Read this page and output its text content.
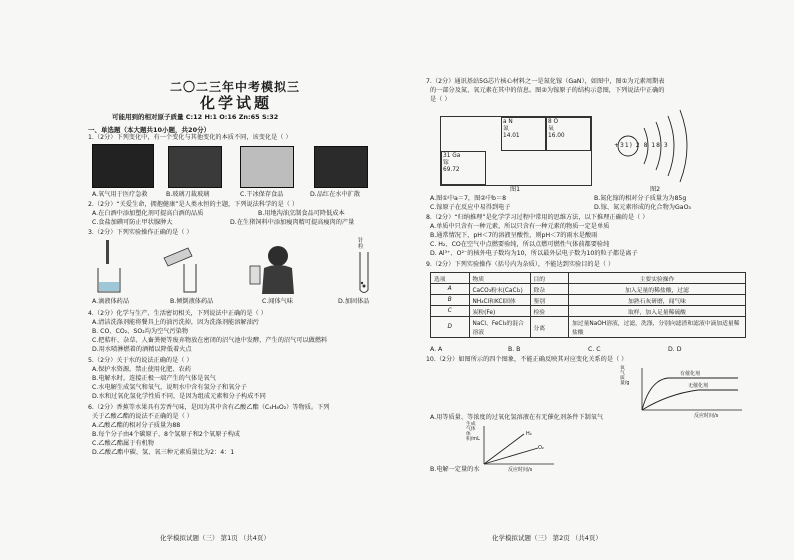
二〇二三年中考模拟三
化学试题
可能用到的相对原子质量 C:12 H:1 O:16 Zn:65 S:32
一、单选题（本大题共10小题，共20分）
1.（2分）下列变化中，有一个变化与其他变化的本质不同，该变化是（ ）
A.氧气用于医疗急救	B.玻璃刀裁玻璃	C.干冰保存食品	D.品红在水中扩散
2.（2分）“关爱生命，拥抱健康”是人类永恒的主题，下列说法科学的是（ ）
A.在白酒中添加塑化剂可提高白酒的品质	B.用地沟油烹制食品可降低成本
C.食盐加碘可防止甲状腺肿大	D.在生猪饲料中添加瘦肉精可提高瘦肉的产量
3.（2分）下列实验操作正确的是（ ）
针粒
A.滴液体药品	B.倾倒液体药品	C.闻体气味	D.加固体品
4.（2分）化学与生产、生活密切相关，下列说法中正确的是（ ）
A.清洁洗涤剂能将餐具上的油污洗掉，因为洗涤剂能溶解油污
B. CO、CO₂、SO₂均为空气污染物
C.把秸秆、杂草、人畜粪便等废弃物放在密闭的沼气池中发酵，产生的沼气可以做燃料
D.用水喷淋燃着的酒精以降低着火点
5.（2分）关于水的说法正确的是（ ）
A.保护水资源，禁止使用化肥、农药
B.电解水时，连接正极一端产生的气体是氧气
C.水电解生成氢气和氧气，说明水中含有氢分子和氧分子
D.水和过氧化氢化学性质不同，是因为组成元素和分子构成不同
6.（2分）香蕉等水果具有芳香气味，是因为其中含有乙酸乙酯（C₄H₈O₂）等物质。下列
关于乙酸乙酯的说法不正确的是（ ）
A.乙酸乙酯的相对分子质量为88
B.每个分子由4个碳原子、8个氢原子和2个氧原子构成
C.乙酸乙酯属于有机物
D.乙酸乙酯中碳、氢、氧三种元素质量比为2：4：1
化学模拟试题（三） 第1页 （共4页）
7.（2分）通讯基站5G芯片核心材料之一是氮化镓（GaN），如图中，图①为元素周期表
的一部分及氮、氧元素在其中的信息。图②为镓原子的结构示意图，下列说法中正确的
是（ ）
a N
氮
14.01
8 O
氧
16.00
31 Ga
镓
69.72
+31) 2 8 18 3
图1	图2
A.图①中a＝7，图②中b＝8	B.氮化镓的相对分子质量为为85g
C.镓原子在反应中易得到电子	D.镓、氮元素形成的化合物为GaO₃
8.（2分）“归纳推理”是化学学习过程中常用的思维方法，以下推理正确的是（ ）
A.单质中只含有一种元素，所以只含有一种元素的物质一定是单质
B.通常情况下，pH＜7的溶液呈酸性，则pH＜7的雨水是酸雨
C. H₂、CO在空气中点燃要验纯，所以点燃可燃性气体前都要验纯
D. Al³⁺、O²⁻的核外电子数均为10，所以最外层电子数为10的粒子都是离子
9.（2分）下列实验操作（括号内为杂质），不能达到实验目的是（ ）
选项	物质	目的	主要实验操作
A	CaCO₃粉末(CaCl₂)	除杂	加入足量的稀盐酸，过滤
B	NH₄Cl和KCl固体	鉴别	加熟石灰研磨，闻气味
C	炭粉(Fe)	检验	取样，加入足量稀硫酸
D	NaCl、FeCl₃的混合溶液	分离	加过量NaOH溶液，过滤，洗涤，分别向滤渣和滤液中滴加适量稀盐酸
A. A	B. B	C. C	D. D
10.（2分）如图所示的四个图象，不能正确反映其对应变化关系的是（ ）
氧气质量/g
有催化剂
无催化剂
反应时间/s
A.用等质量、等浓度的过氧化氢溶液在有无催化剂条件下制氧气
生成气体体积/mL
H₂
O₂
反应时间/s
B.电解一定量的水
化学模拟试题（三） 第2页 （共4页）
